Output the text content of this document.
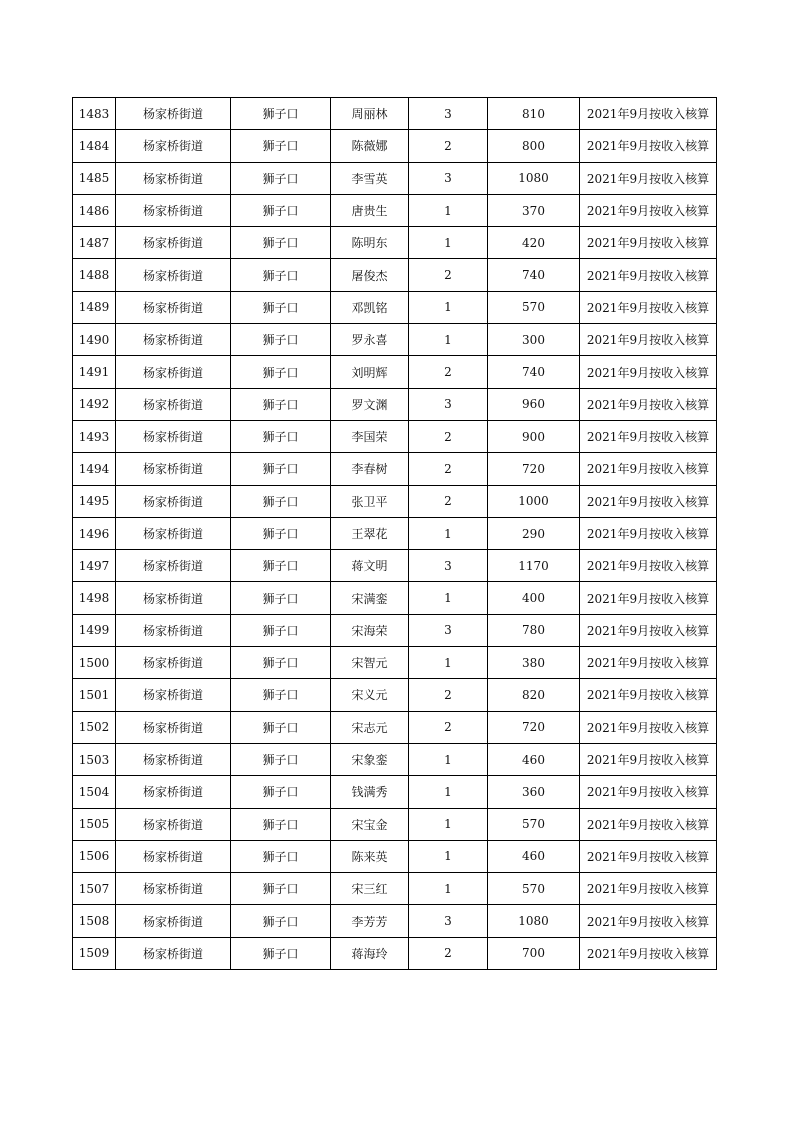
1483	杨家桥街道	狮子口	周丽林	3	810	2021年9月按收入核算
1484	杨家桥街道	狮子口	陈薇娜	2	800	2021年9月按收入核算
1485	杨家桥街道	狮子口	李雪英	3	1080	2021年9月按收入核算
1486	杨家桥街道	狮子口	唐贵生	1	370	2021年9月按收入核算
1487	杨家桥街道	狮子口	陈明东	1	420	2021年9月按收入核算
1488	杨家桥街道	狮子口	屠俊杰	2	740	2021年9月按收入核算
1489	杨家桥街道	狮子口	邓凯铭	1	570	2021年9月按收入核算
1490	杨家桥街道	狮子口	罗永喜	1	300	2021年9月按收入核算
1491	杨家桥街道	狮子口	刘明辉	2	740	2021年9月按收入核算
1492	杨家桥街道	狮子口	罗文渊	3	960	2021年9月按收入核算
1493	杨家桥街道	狮子口	李国荣	2	900	2021年9月按收入核算
1494	杨家桥街道	狮子口	李春树	2	720	2021年9月按收入核算
1495	杨家桥街道	狮子口	张卫平	2	1000	2021年9月按收入核算
1496	杨家桥街道	狮子口	王翠花	1	290	2021年9月按收入核算
1497	杨家桥街道	狮子口	蒋文明	3	1170	2021年9月按收入核算
1498	杨家桥街道	狮子口	宋满銮	1	400	2021年9月按收入核算
1499	杨家桥街道	狮子口	宋海荣	3	780	2021年9月按收入核算
1500	杨家桥街道	狮子口	宋智元	1	380	2021年9月按收入核算
1501	杨家桥街道	狮子口	宋义元	2	820	2021年9月按收入核算
1502	杨家桥街道	狮子口	宋志元	2	720	2021年9月按收入核算
1503	杨家桥街道	狮子口	宋象銮	1	460	2021年9月按收入核算
1504	杨家桥街道	狮子口	钱满秀	1	360	2021年9月按收入核算
1505	杨家桥街道	狮子口	宋宝金	1	570	2021年9月按收入核算
1506	杨家桥街道	狮子口	陈来英	1	460	2021年9月按收入核算
1507	杨家桥街道	狮子口	宋三红	1	570	2021年9月按收入核算
1508	杨家桥街道	狮子口	李芳芳	3	1080	2021年9月按收入核算
1509	杨家桥街道	狮子口	蒋海玲	2	700	2021年9月按收入核算
